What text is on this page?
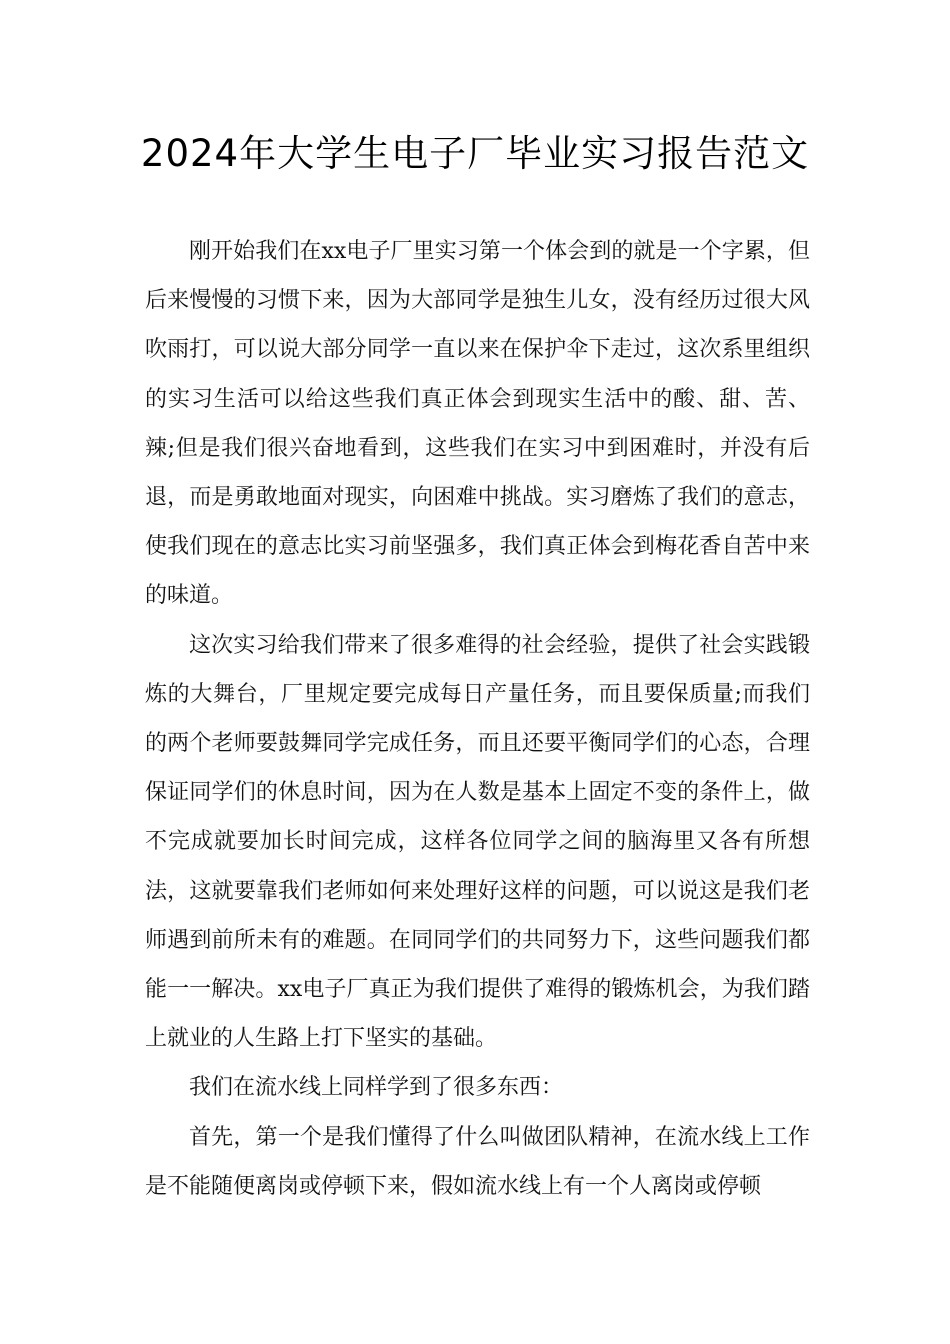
2024年大学生电子厂毕业实习报告范文

刚开始我们在xx电子厂里实习第一个体会到的就是一个字累，但后来慢慢的习惯下来，因为大部同学是独生儿女，没有经历过很大风吹雨打，可以说大部分同学一直以来在保护伞下走过，这次系里组织的实习生活可以给这些我们真正体会到现实生活中的酸、甜、苦、辣;但是我们很兴奋地看到，这些我们在实习中到困难时，并没有后退，而是勇敢地面对现实，向困难中挑战。实习磨炼了我们的意志，使我们现在的意志比实习前坚强多，我们真正体会到梅花香自苦中来的味道。

这次实习给我们带来了很多难得的社会经验，提供了社会实践锻炼的大舞台，厂里规定要完成每日产量任务，而且要保质量;而我们的两个老师要鼓舞同学完成任务，而且还要平衡同学们的心态，合理保证同学们的休息时间，因为在人数是基本上固定不变的条件上，做不完成就要加长时间完成，这样各位同学之间的脑海里又各有所想法，这就要靠我们老师如何来处理好这样的问题，可以说这是我们老师遇到前所未有的难题。在同同学们的共同努力下，这些问题我们都能一一解决。xx电子厂真正为我们提供了难得的锻炼机会，为我们踏上就业的人生路上打下坚实的基础。

我们在流水线上同样学到了很多东西：

首先，第一个是我们懂得了什么叫做团队精神，在流水线上工作是不能随便离岗或停顿下来，假如流水线上有一个人离岗或停顿
